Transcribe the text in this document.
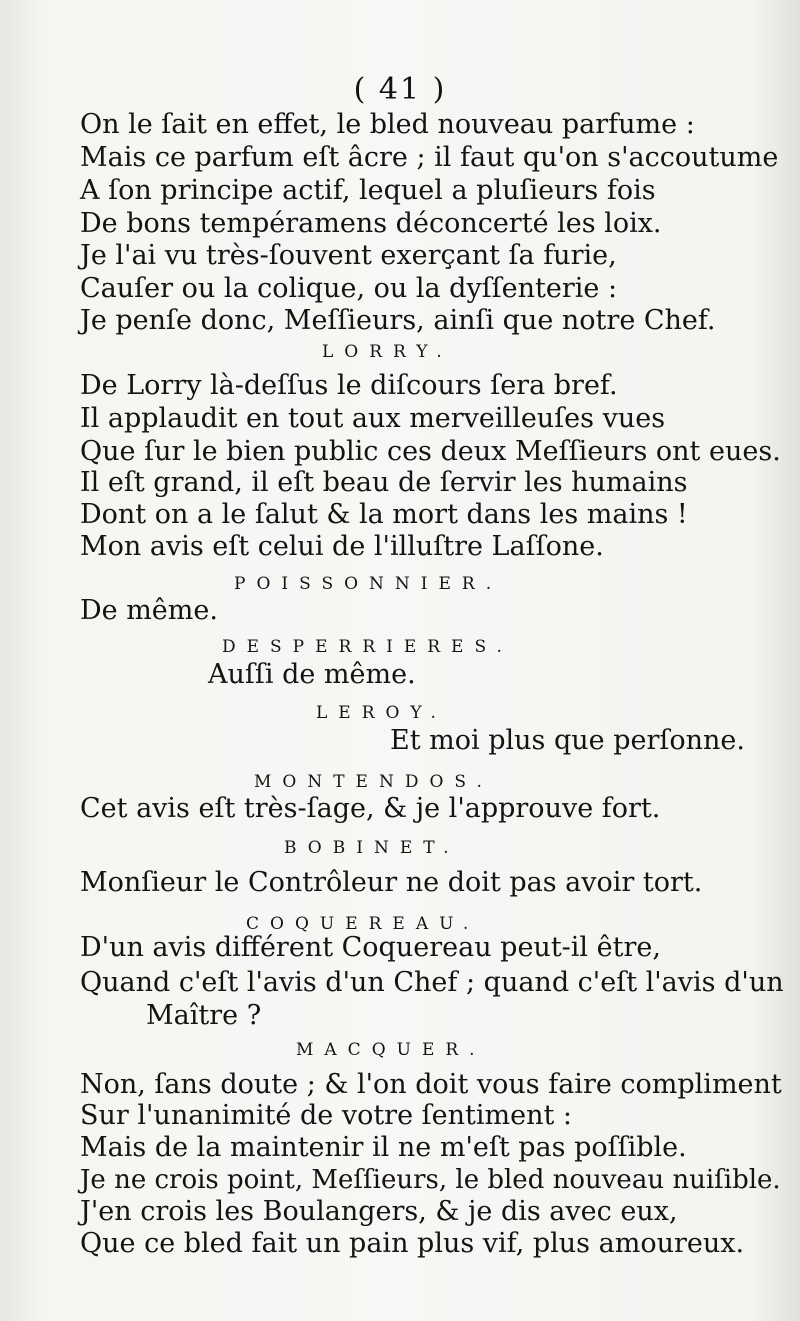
( 41 )
On le ſait en effet, le bled nouveau parfume :
Mais ce parfum eſt âcre ; il faut qu'on s'accoutume
A ſon principe actif, lequel a pluſieurs fois
De bons tempéramens déconcerté les loix.
Je l'ai vu très-ſouvent exerçant ſa furie,
Cauſer ou la colique, ou la dyſſenterie :
Je penſe donc, Meſſieurs, ainſi que notre Chef.
LORRY.
De Lorry là-deſſus le diſcours ſera bref.
Il applaudit en tout aux merveilleuſes vues
Que ſur le bien public ces deux Meſſieurs ont eues.
Il eſt grand, il eſt beau de ſervir les humains
Dont on a le ſalut & la mort dans les mains !
Mon avis eſt celui de l'illuſtre Laſſone.
POISSONNIER.
De même.
DESPERRIERES.
Auſſi de même.
LEROY.
Et moi plus que perſonne.
MONTENDOS.
Cet avis eſt très-ſage, & je l'approuve fort.
BOBINET.
Monſieur le Contrôleur ne doit pas avoir tort.
COQUEREAU.
D'un avis différent Coquereau peut-il être,
Quand c'eſt l'avis d'un Chef ; quand c'eſt l'avis d'un
Maître ?
MACQUER.
Non, ſans doute ; & l'on doit vous faire compliment
Sur l'unanimité de votre ſentiment :
Mais de la maintenir il ne m'eſt pas poſſible.
Je ne crois point, Meſſieurs, le bled nouveau nuiſible.
J'en crois les Boulangers, & je dis avec eux,
Que ce bled fait un pain plus vif, plus amoureux.
